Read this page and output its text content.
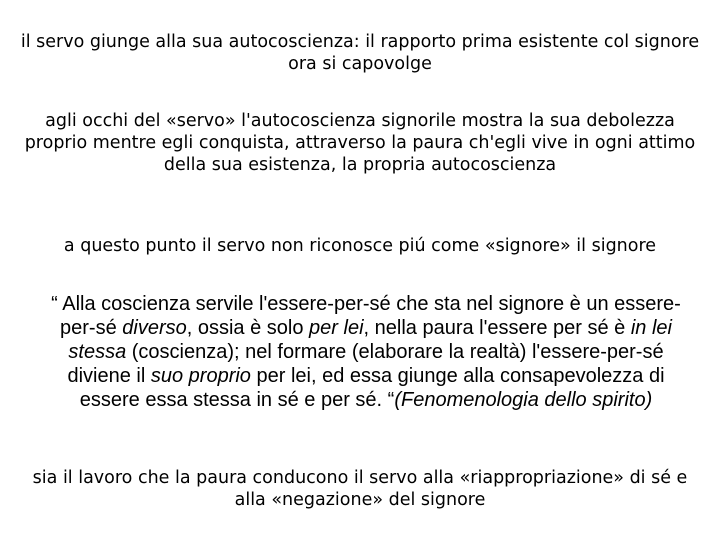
il servo giunge alla sua autocoscienza: il rapporto prima esistente col signore ora si capovolge

agli occhi del «servo» l'autocoscienza signorile mostra la sua debolezza proprio mentre egli conquista, attraverso la paura ch'egli vive in ogni attimo della sua esistenza, la propria autocoscienza

a questo punto il servo non riconosce piú come «signore» il signore

“ Alla coscienza servile l'essere-per-sé che sta nel signore è un essere-per-sé diverso, ossia è solo per lei, nella paura l'essere per sé è in lei stessa (coscienza); nel formare (elaborare la realtà) l'essere-per-sé diviene il suo proprio per lei, ed essa giunge alla consapevolezza di essere essa stessa in sé e per sé. “(Fenomenologia dello spirito)

sia il lavoro che la paura conducono il servo alla «riappropriazione» di sé e alla «negazione» del signore
